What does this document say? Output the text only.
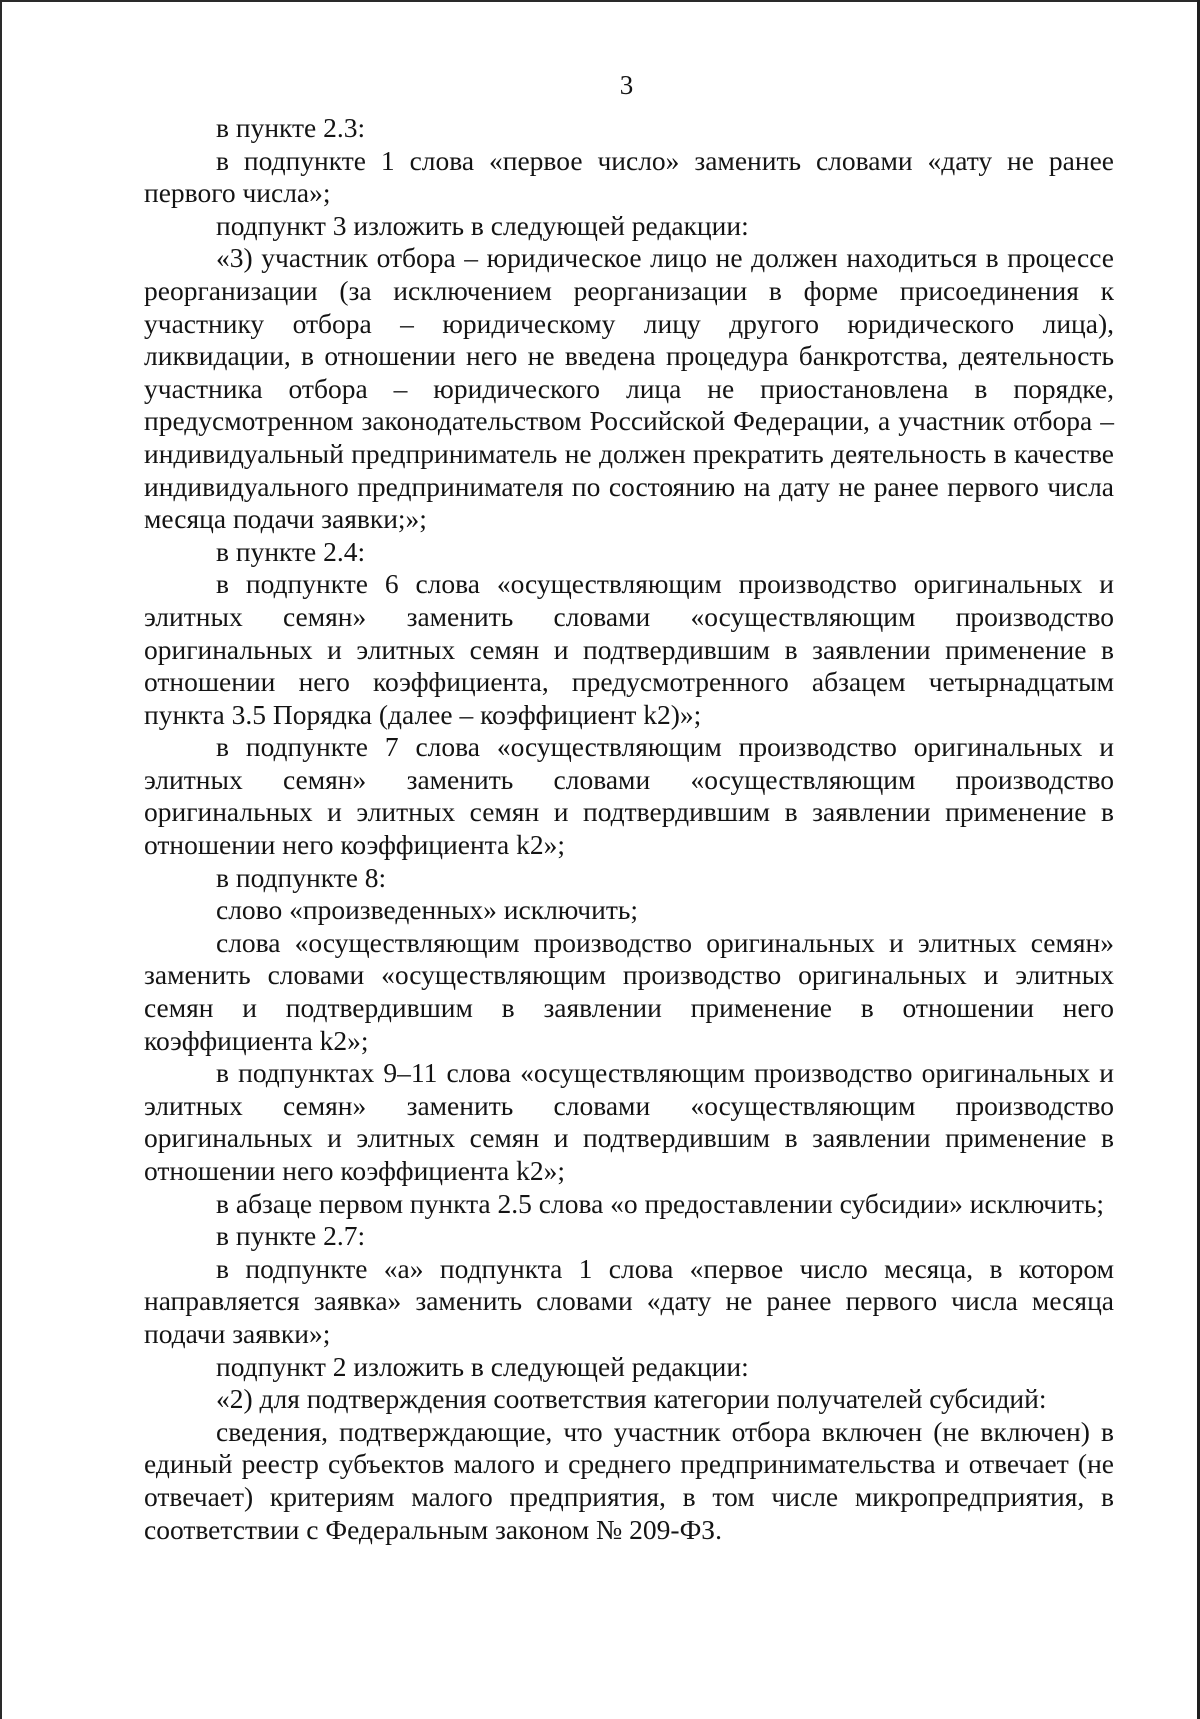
3

в пункте 2.3:

в подпункте 1 слова «первое число» заменить словами «дату не ранее первого числа»;

подпункт 3 изложить в следующей редакции:

«3) участник отбора – юридическое лицо не должен находиться в процессе реорганизации (за исключением реорганизации в форме присоединения к участнику отбора – юридическому лицу другого юридического лица), ликвидации, в отношении него не введена процедура банкротства, деятельность участника отбора – юридического лица не приостановлена в порядке, предусмотренном законодательством Российской Федерации, а участник отбора – индивидуальный предприниматель не должен прекратить деятельность в качестве индивидуального предпринимателя по состоянию на дату не ранее первого числа месяца подачи заявки;»;

в пункте 2.4:

в подпункте 6 слова «осуществляющим производство оригинальных и элитных семян» заменить словами «осуществляющим производство оригинальных и элитных семян и подтвердившим в заявлении применение в отношении него коэффициента, предусмотренного абзацем четырнадцатым пункта 3.5 Порядка (далее – коэффициент k2)»;

в подпункте 7 слова «осуществляющим производство оригинальных и элитных семян» заменить словами «осуществляющим производство оригинальных и элитных семян и подтвердившим в заявлении применение в отношении него коэффициента k2»;

в подпункте 8:

слово «произведенных» исключить;

слова «осуществляющим производство оригинальных и элитных семян» заменить словами «осуществляющим производство оригинальных и элитных семян и подтвердившим в заявлении применение в отношении него коэффициента k2»;

в подпунктах 9–11 слова «осуществляющим производство оригинальных и элитных семян» заменить словами «осуществляющим производство оригинальных и элитных семян и подтвердившим в заявлении применение в отношении него коэффициента k2»;

в абзаце первом пункта 2.5 слова «о предоставлении субсидии» исключить;

в пункте 2.7:

в подпункте «а» подпункта 1 слова «первое число месяца, в котором направляется заявка» заменить словами «дату не ранее первого числа месяца подачи заявки»;

подпункт 2 изложить в следующей редакции:

«2) для подтверждения соответствия категории получателей субсидий:

сведения, подтверждающие, что участник отбора включен (не включен) в единый реестр субъектов малого и среднего предпринимательства и отвечает (не отвечает) критериям малого предприятия, в том числе микропредприятия, в соответствии с Федеральным законом № 209-ФЗ.
